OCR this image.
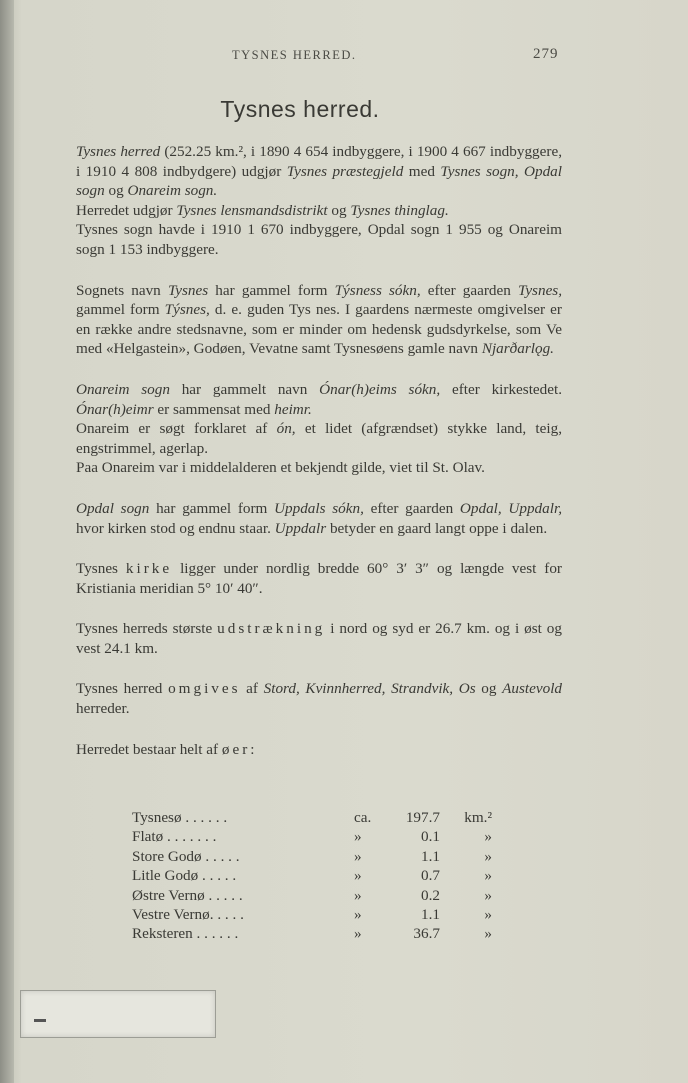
TYSNES HERRED.	279
Tysnes herred.

Tysnes herred (252.25 km.², i 1890 4 654 indbyggere, i 1900 4 667 indbyggere, i 1910 4 808 indbydgere) udgjør Tysnes præstegjeld med Tysnes sogn, Opdal sogn og Onareim sogn.

Herredet udgjør Tysnes lensmandsdistrikt og Tysnes thinglag.

Tysnes sogn havde i 1910 1 670 indbyggere, Opdal sogn 1 955 og Onareim sogn 1 153 indbyggere.

Sognets navn Tysnes har gammel form Týsness sókn, efter gaarden Tysnes, gammel form Týsnes, d. e. guden Tys nes. I gaardens nærmeste omgivelser er en række andre stedsnavne, som er minder om hedensk gudsdyrkelse, som Ve med «Helgastein», Godøen, Vevatne samt Tysnesøens gamle navn Njarðarlǫg.

Onareim sogn har gammelt navn Ónar(h)eims sókn, efter kirkestedet. Ónar(h)eimr er sammensat med heimr.

Onareim er søgt forklaret af ón, et lidet (afgrændset) stykke land, teig, engstrimmel, agerlap.

Paa Onareim var i middelalderen et bekjendt gilde, viet til St. Olav.

Opdal sogn har gammel form Uppdals sókn, efter gaarden Opdal, Uppdalr, hvor kirken stod og endnu staar. Uppdalr betyder en gaard langt oppe i dalen.

Tysnes kirke ligger under nordlig bredde 60° 3′ 3″ og længde vest for Kristiania meridian 5° 10′ 40″.

Tysnes herreds største udstrækning i nord og syd er 26.7 km. og i øst og vest 24.1 km.

Tysnes herred omgives af Stord, Kvinnherred, Strandvik, Os og Austevold herreder.

Herredet bestaar helt af øer:

Tysnesø . . . . . .	ca.	197.7	km.²
Flatø . . . . . . .	»	0.1	»
Store Godø . . . . .	»	1.1	»
Litle Godø . . . . .	»	0.7	»
Østre Vernø . . . . .	»	0.2	»
Vestre Vernø. . . . .	»	1.1	»
Reksteren . . . . . .	»	36.7	»
